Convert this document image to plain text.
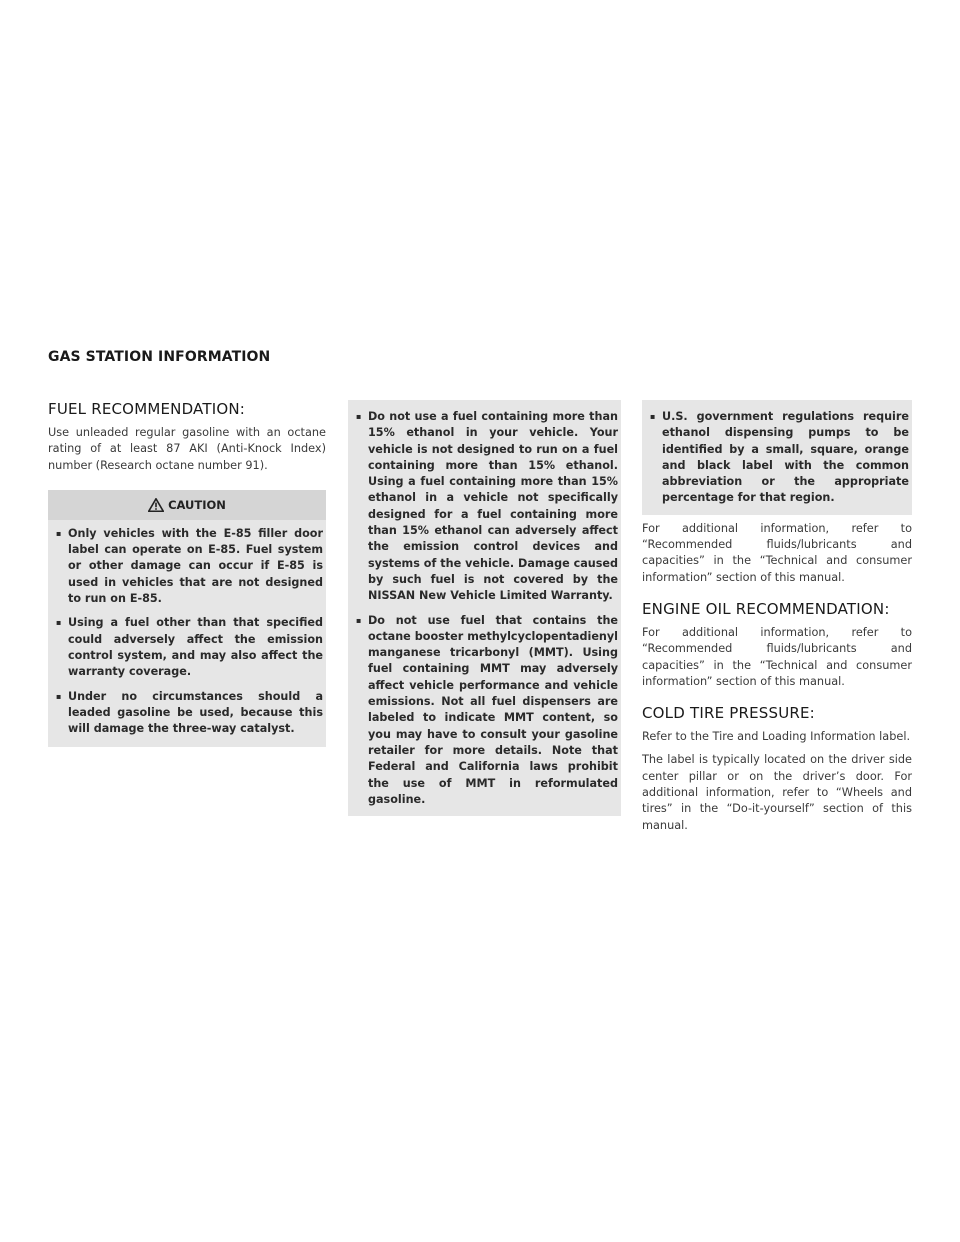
GAS STATION INFORMATION
FUEL RECOMMENDATION:

Use unleaded regular gasoline with an octane rating of at least 87 AKI (Anti-Knock Index) number (Research octane number 91).

CAUTION
▪ Only vehicles with the E-85 filler door label can operate on E-85. Fuel system or other damage can occur if E-85 is used in vehicles that are not designed to run on E-85.
▪ Using a fuel other than that specified could adversely affect the emission control system, and may also affect the warranty coverage.
▪ Under no circumstances should a leaded gasoline be used, because this will damage the three-way catalyst.
▪ Do not use a fuel containing more than 15% ethanol in your vehicle. Your vehicle is not designed to run on a fuel containing more than 15% ethanol. Using a fuel containing more than 15% ethanol in a vehicle not specifically designed for a fuel containing more than 15% ethanol can adversely affect the emission control devices and systems of the vehicle. Damage caused by such fuel is not covered by the NISSAN New Vehicle Limited Warranty.
▪ Do not use fuel that contains the octane booster methylcyclopentadienyl manganese tricarbonyl (MMT). Using fuel containing MMT may adversely affect vehicle performance and vehicle emissions. Not all fuel dispensers are labeled to indicate MMT content, so you may have to consult your gasoline retailer for more details. Note that Federal and California laws prohibit the use of MMT in reformulated gasoline.
▪ U.S. government regulations require ethanol dispensing pumps to be identified by a small, square, orange and black label with the common abbreviation or the appropriate percentage for that region.

For additional information, refer to “Recommended fluids/lubricants and capacities” in the “Technical and consumer information” section of this manual.

ENGINE OIL RECOMMENDATION:

For additional information, refer to “Recommended fluids/lubricants and capacities” in the “Technical and consumer information” section of this manual.

COLD TIRE PRESSURE:

Refer to the Tire and Loading Information label.

The label is typically located on the driver side center pillar or on the driver’s door. For additional information, refer to “Wheels and tires” in the “Do-it-yourself” section of this manual.
